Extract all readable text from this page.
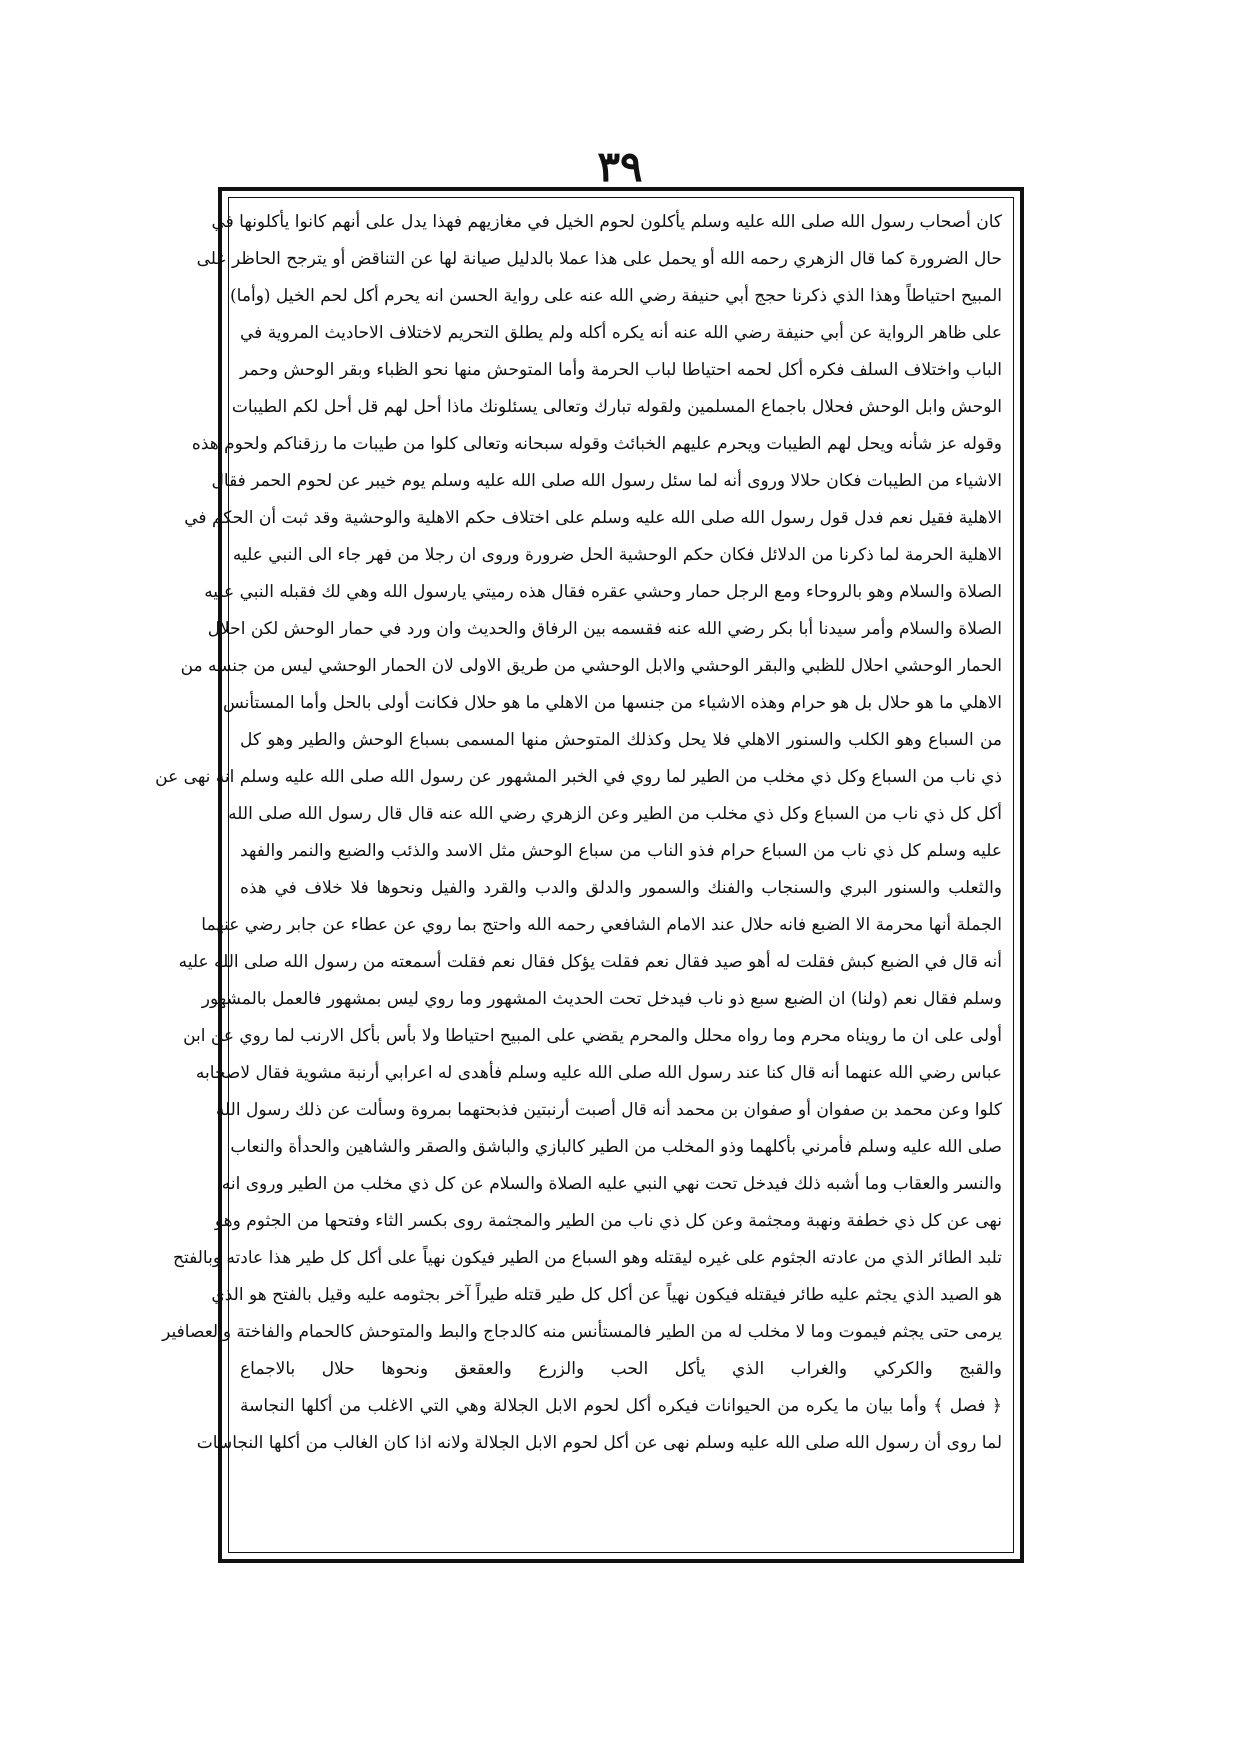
٣٩
كان أصحاب رسول الله صلى الله عليه وسلم يأكلون لحوم الخيل في مغازيهم فهذا يدل على أنهم كانوا يأكلونها في
حال الضرورة كما قال الزهري رحمه الله أو يحمل على هذا عملا بالدليل صيانة لها عن التناقض أو يترجح الحاظر على
المبيح احتياطاً وهذا الذي ذكرنا حجج أبي حنيفة رضي الله عنه على رواية الحسن انه يحرم أكل لحم الخيل (وأما)
على ظاهر الرواية عن أبي حنيفة رضي الله عنه أنه يكره أكله ولم يطلق التحريم لاختلاف الاحاديث المروية في
الباب واختلاف السلف فكره أكل لحمه احتياطا لباب الحرمة وأما المتوحش منها نحو الظباء وبقر الوحش وحمر
الوحش وابل الوحش فحلال باجماع المسلمين ولقوله تبارك وتعالى يسئلونك ماذا أحل لهم قل أحل لكم الطيبات
وقوله عز شأنه ويحل لهم الطيبات ويحرم عليهم الخبائث وقوله سبحانه وتعالى كلوا من طيبات ما رزقناكم ولحوم هذه
الاشياء من الطيبات فكان حلالا وروى أنه لما سئل رسول الله صلى الله عليه وسلم يوم خيبر عن لحوم الحمر فقال
الاهلية فقيل نعم فدل قول رسول الله صلى الله عليه وسلم على اختلاف حكم الاهلية والوحشية وقد ثبت أن الحكم في
الاهلية الحرمة لما ذكرنا من الدلائل فكان حكم الوحشية الحل ضرورة وروى ان رجلا من فهر جاء الى النبي عليه
الصلاة والسلام وهو بالروحاء ومع الرجل حمار وحشي عقره فقال هذه رميتي يارسول الله وهي لك فقبله النبي عليه
الصلاة والسلام وأمر سيدنا أبا بكر رضي الله عنه فقسمه بين الرفاق والحديث وان ورد في حمار الوحش لكن احلال
الحمار الوحشي احلال للظبي والبقر الوحشي والابل الوحشي من طريق الاولى لان الحمار الوحشي ليس من جنسه من
الاهلي ما هو حلال بل هو حرام وهذه الاشياء من جنسها من الاهلي ما هو حلال فكانت أولى بالحل وأما المستأنس
من السباع وهو الكلب والسنور الاهلي فلا يحل وكذلك المتوحش منها المسمى بسباع الوحش والطير وهو كل
ذي ناب من السباع وكل ذي مخلب من الطير لما روي في الخبر المشهور عن رسول الله صلى الله عليه وسلم انه نهى عن
أكل كل ذي ناب من السباع وكل ذي مخلب من الطير وعن الزهري رضي الله عنه قال قال رسول الله صلى الله
عليه وسلم كل ذي ناب من السباع حرام فذو الناب من سباع الوحش مثل الاسد والذئب والضبع والنمر والفهد
والثعلب والسنور البري والسنجاب والفنك والسمور والدلق والدب والقرد والفيل ونحوها فلا خلاف في هذه
الجملة أنها محرمة الا الضبع فانه حلال عند الامام الشافعي رحمه الله واحتج بما روي عن عطاء عن جابر رضي عنهما
أنه قال في الضبع كبش فقلت له أهو صيد فقال نعم فقلت يؤكل فقال نعم فقلت أسمعته من رسول الله صلى الله عليه
وسلم فقال نعم (ولنا) ان الضبع سبع ذو ناب فيدخل تحت الحديث المشهور وما روي ليس بمشهور فالعمل بالمشهور
أولى على ان ما رويناه محرم وما رواه محلل والمحرم يقضي على المبيح احتياطا ولا بأس بأكل الارنب لما روي عن ابن
عباس رضي الله عنهما أنه قال كنا عند رسول الله صلى الله عليه وسلم فأهدى له اعرابي أرنبة مشوية فقال لاصحابه
كلوا وعن محمد بن صفوان أو صفوان بن محمد أنه قال أصبت أرنبتين فذبحتهما بمروة وسألت عن ذلك رسول الله
صلى الله عليه وسلم فأمرني بأكلهما وذو المخلب من الطير كالبازي والباشق والصقر والشاهين والحدأة والنعاب
والنسر والعقاب وما أشبه ذلك فيدخل تحت نهي النبي عليه الصلاة والسلام عن كل ذي مخلب من الطير وروى انه
نهى عن كل ذي خطفة ونهبة ومجثمة وعن كل ذي ناب من الطير والمجثمة روى بكسر الثاء وفتحها من الجثوم وهو
تلبد الطائر الذي من عادته الجثوم على غيره ليقتله وهو السباع من الطير فيكون نهياً على أكل كل طير هذا عادته وبالفتح
هو الصيد الذي يجثم عليه طائر فيقتله فيكون نهياً عن أكل كل طير قتله طيراً آخر بجثومه عليه وقيل بالفتح هو الذي
يرمى حتى يجثم فيموت وما لا مخلب له من الطير فالمستأنس منه كالدجاج والبط والمتوحش كالحمام والفاختة والعصافير
والقبج والكركي والغراب الذي يأكل الحب والزرع والعقعق ونحوها حلال بالاجماع
﴿ فصل ﴾ وأما بيان ما يكره من الحيوانات فيكره أكل لحوم الابل الجلالة وهي التي الاغلب من أكلها النجاسة
لما روى أن رسول الله صلى الله عليه وسلم نهى عن أكل لحوم الابل الجلالة ولانه اذا كان الغالب من أكلها النجاسات
